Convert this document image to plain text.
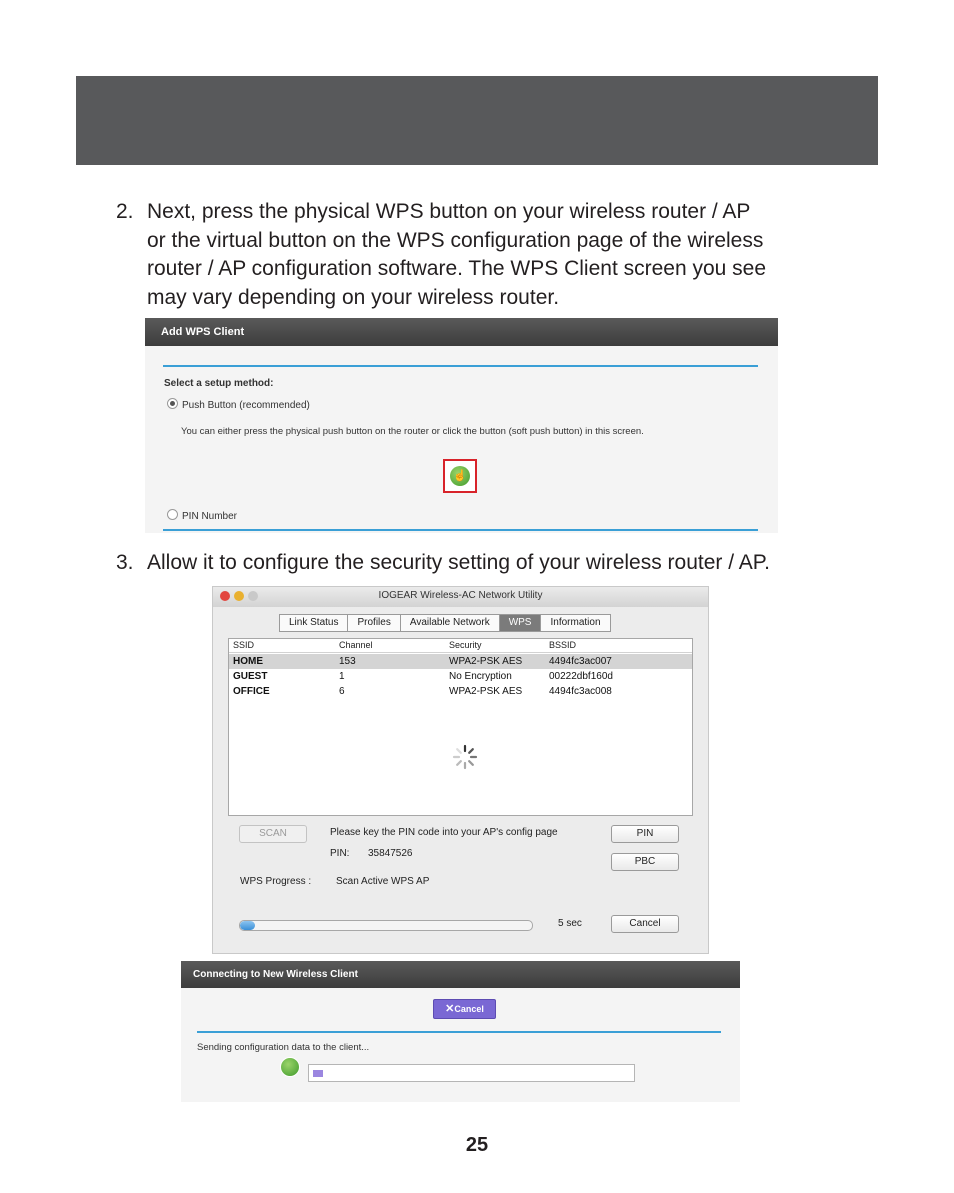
2. Next, press the physical WPS button on your wireless router / AP
or the virtual button on the WPS configuration page of the wireless
router / AP configuration software. The WPS Client screen you see
may vary depending on your wireless router.
Add WPS Client
Select a setup method:
Push Button (recommended)
You can either press the physical push button on the router or click the button (soft push button) in this screen.
☝
PIN Number
3. Allow it to configure the security setting of your wireless router / AP.
IOGEAR Wireless-AC Network Utility
Link Status	Profiles	Available Network	WPS	Information
SSID	Channel	Security	BSSID
HOME	153	WPA2-PSK AES	4494fc3ac007
GUEST	1	No Encryption	00222dbf160d
OFFICE	6	WPA2-PSK AES	4494fc3ac008
SCAN	Please key the PIN code into your AP's config page
PIN: 35847526
PIN
PBC
WPS Progress : Scan Active WPS AP
5 sec	Cancel
Connecting to New Wireless Client
✕Cancel
Sending configuration data to the client...
25
